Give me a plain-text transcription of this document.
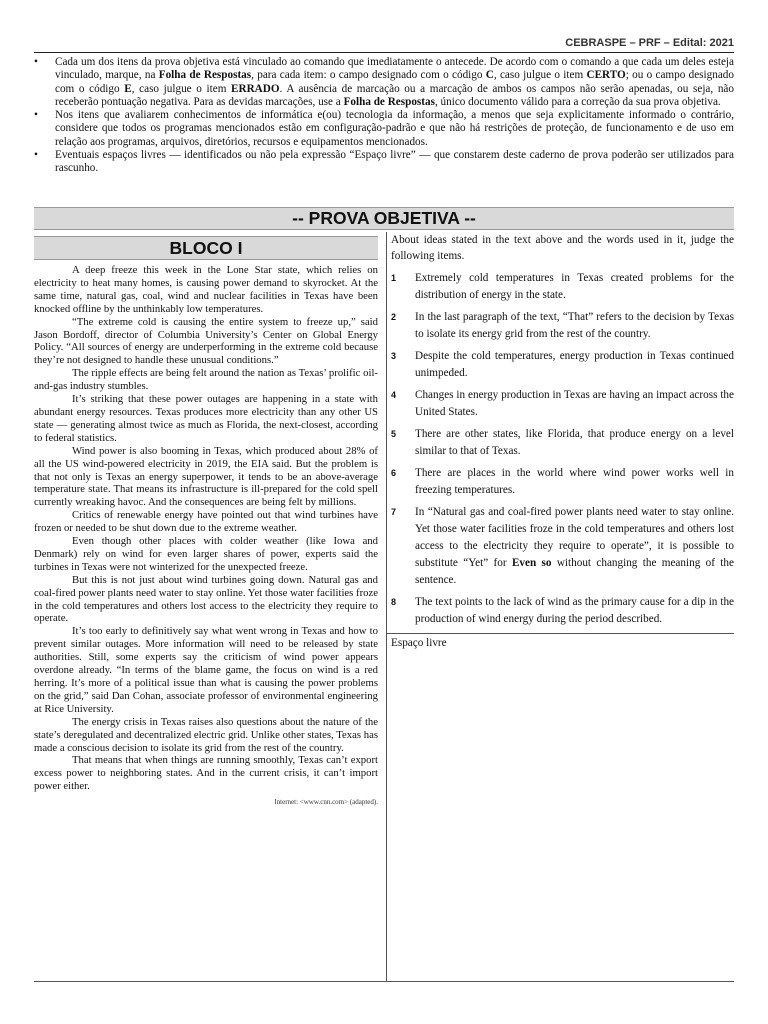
CEBRASPE – PRF – Edital: 2021
• Cada um dos itens da prova objetiva está vinculado ao comando que imediatamente o antecede. De acordo com o comando a que cada um deles esteja vinculado, marque, na Folha de Respostas, para cada item: o campo designado com o código C, caso julgue o item CERTO; ou o campo designado com o código E, caso julgue o item ERRADO. A ausência de marcação ou a marcação de ambos os campos não serão apenadas, ou seja, não receberão pontuação negativa. Para as devidas marcações, use a Folha de Respostas, único documento válido para a correção da sua prova objetiva.
• Nos itens que avaliarem conhecimentos de informática e(ou) tecnologia da informação, a menos que seja explicitamente informado o contrário, considere que todos os programas mencionados estão em configuração-padrão e que não há restrições de proteção, de funcionamento e de uso em relação aos programas, arquivos, diretórios, recursos e equipamentos mencionados.
• Eventuais espaços livres — identificados ou não pela expressão “Espaço livre” — que constarem deste caderno de prova poderão ser utilizados para rascunho.
-- PROVA OBJETIVA --
BLOCO I

A deep freeze this week in the Lone Star state, which relies on electricity to heat many homes, is causing power demand to skyrocket. At the same time, natural gas, coal, wind and nuclear facilities in Texas have been knocked offline by the unthinkably low temperatures.

“The extreme cold is causing the entire system to freeze up,” said Jason Bordoff, director of Columbia University’s Center on Global Energy Policy. “All sources of energy are underperforming in the extreme cold because they’re not designed to handle these unusual conditions.”

The ripple effects are being felt around the nation as Texas’ prolific oil-and-gas industry stumbles.

It’s striking that these power outages are happening in a state with abundant energy resources. Texas produces more electricity than any other US state — generating almost twice as much as Florida, the next-closest, according to federal statistics.

Wind power is also booming in Texas, which produced about 28% of all the US wind-powered electricity in 2019, the EIA said. But the problem is that not only is Texas an energy superpower, it tends to be an above-average temperature state. That means its infrastructure is ill-prepared for the cold spell currently wreaking havoc. And the consequences are being felt by millions.

Critics of renewable energy have pointed out that wind turbines have frozen or needed to be shut down due to the extreme weather.

Even though other places with colder weather (like Iowa and Denmark) rely on wind for even larger shares of power, experts said the turbines in Texas were not winterized for the unexpected freeze.

But this is not just about wind turbines going down. Natural gas and coal-fired power plants need water to stay online. Yet those water facilities froze in the cold temperatures and others lost access to the electricity they require to operate.

It’s too early to definitively say what went wrong in Texas and how to prevent similar outages. More information will need to be released by state authorities. Still, some experts say the criticism of wind power appears overdone already. “In terms of the blame game, the focus on wind is a red herring. It’s more of a political issue than what is causing the power problems on the grid,” said Dan Cohan, associate professor of environmental engineering at Rice University.

The energy crisis in Texas raises also questions about the nature of the state’s deregulated and decentralized electric grid. Unlike other states, Texas has made a conscious decision to isolate its grid from the rest of the country.

That means that when things are running smoothly, Texas can’t export excess power to neighboring states. And in the current crisis, it can’t import power either.

Internet: <www.cnn.com> (adapted).

About ideas stated in the text above and the words used in it, judge the following items.

1	Extremely cold temperatures in Texas created problems for the distribution of energy in the state.
2	In the last paragraph of the text, “That” refers to the decision by Texas to isolate its energy grid from the rest of the country.
3	Despite the cold temperatures, energy production in Texas continued unimpeded.
4	Changes in energy production in Texas are having an impact across the United States.
5	There are other states, like Florida, that produce energy on a level similar to that of Texas.
6	There are places in the world where wind power works well in freezing temperatures.
7	In “Natural gas and coal-fired power plants need water to stay online. Yet those water facilities froze in the cold temperatures and others lost access to the electricity they require to operate”, it is possible to substitute “Yet” for Even so without changing the meaning of the sentence.
8	The text points to the lack of wind as the primary cause for a dip in the production of wind energy during the period described.
Espaço livre
